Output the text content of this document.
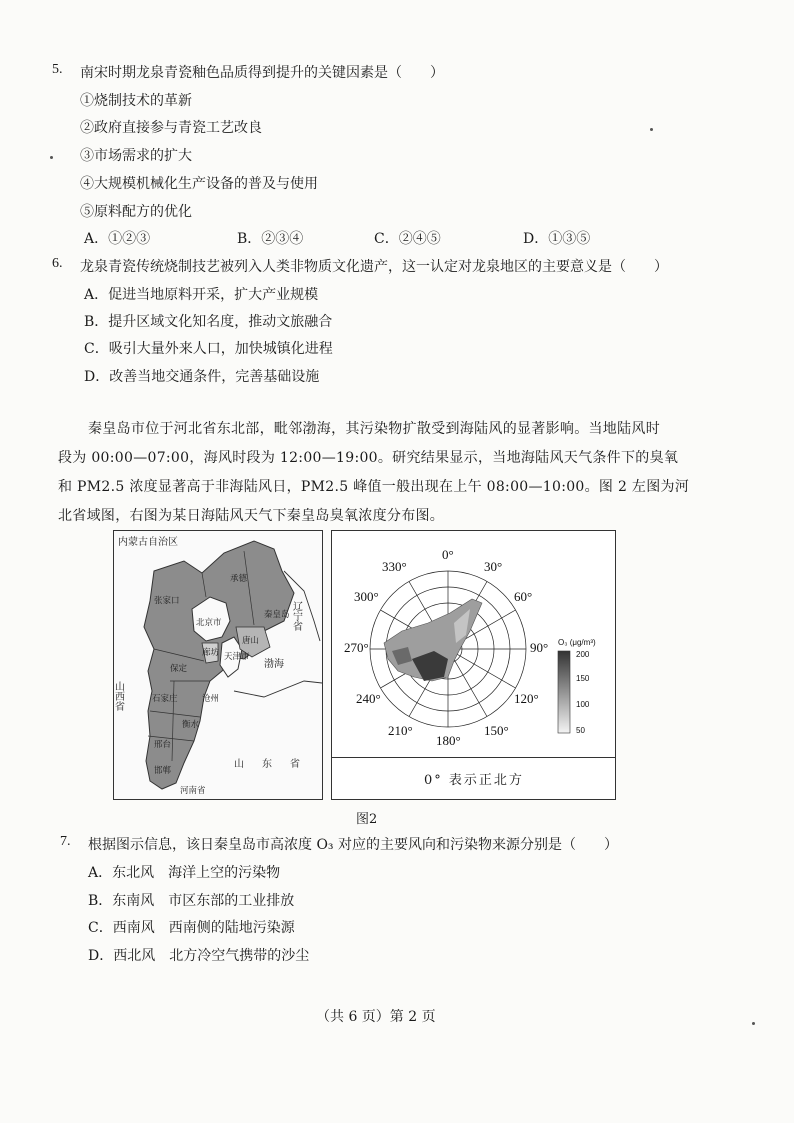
5. 南宋时期龙泉青瓷釉色品质得到提升的关键因素是（　　）
①烧制技术的革新
②政府直接参与青瓷工艺改良
③市场需求的扩大
④大规模机械化生产设备的普及与使用
⑤原料配方的优化
A．①②③	B．②③④	C．②④⑤	D．①③⑤
6. 龙泉青瓷传统烧制技艺被列入人类非物质文化遗产，这一认定对龙泉地区的主要意义是（　　）
A．促进当地原料开采，扩大产业规模
B．提升区域文化知名度，推动文旅融合
C．吸引大量外来人口，加快城镇化进程
D．改善当地交通条件，完善基础设施
秦皇岛市位于河北省东北部，毗邻渤海，其污染物扩散受到海陆风的显著影响。当地陆风时
段为 00:00—07:00，海风时段为 12:00—19:00。研究结果显示，当地海陆风天气条件下的臭氧
和 PM2.5 浓度显著高于非海陆风日，PM2.5 峰值一般出现在上午 08:00—10:00。图 2 左图为河
北省域图，右图为某日海陆风天气下秦皇岛臭氧浓度分布图。
内蒙古自治区
张家口
承德
北京市
天津市
廊坊
唐山
秦皇岛
保定
石家庄	沧州
衡水
邢台
邯郸
辽宁省
渤海
山西省
山东省
河南省
0°
30°
60°
90°
120°
150°
180°
210°
240°
270°
300°
330°
O₃ (μg/m³)
200
150
100
50
0° 表示正北方
图2
7. 根据图示信息，该日秦皇岛市高浓度 O₃ 对应的主要风向和污染物来源分别是（　　）
A．东北风　海洋上空的污染物
B．东南风　市区东部的工业排放
C．西南风　西南侧的陆地污染源
D．西北风　北方冷空气携带的沙尘
（共 6 页）第 2 页
